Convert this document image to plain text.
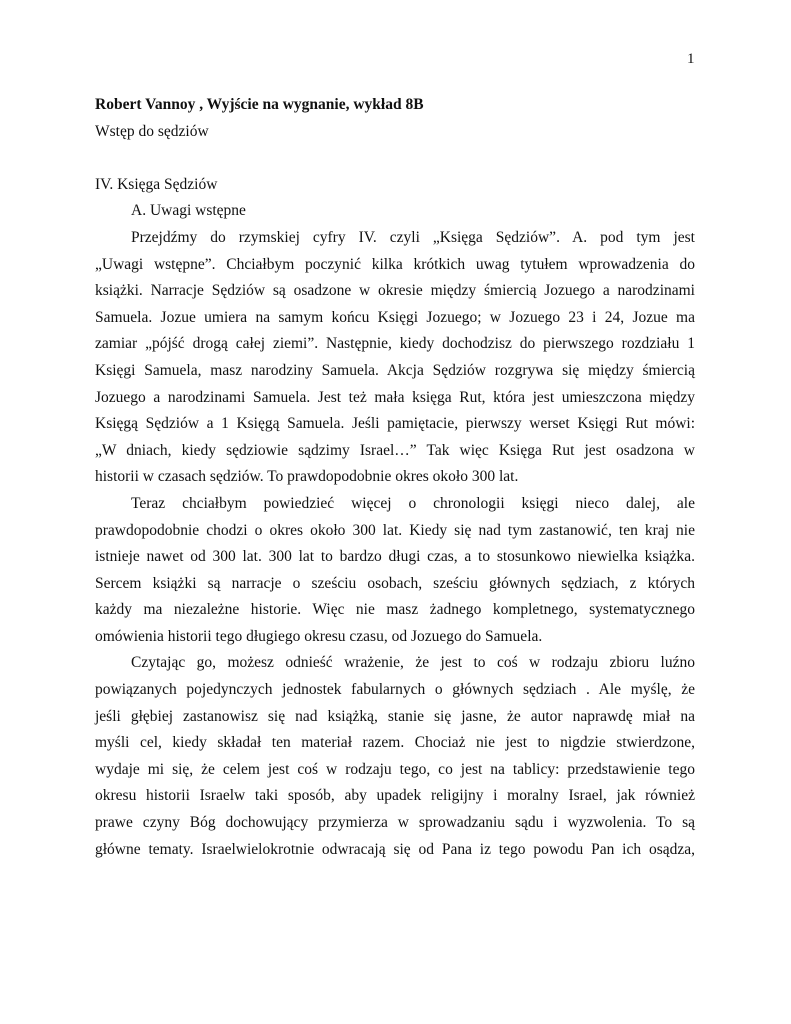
1

Robert Vannoy , Wyjście na wygnanie, wykład 8B

Wstęp do sędziów

IV. Księga Sędziów

A. Uwagi wstępne

Przejdźmy do rzymskiej cyfry IV. czyli „Księga Sędziów”. A. pod tym jest
„Uwagi wstępne”. Chciałbym poczynić kilka krótkich uwag tytułem wprowadzenia do
książki. Narracje Sędziów są osadzone w okresie między śmiercią Jozuego a narodzinami
Samuela. Jozue umiera na samym końcu Księgi Jozuego; w Jozuego 23 i 24, Jozue ma
zamiar „pójść drogą całej ziemi”. Następnie, kiedy dochodzisz do pierwszego rozdziału 1
Księgi Samuela, masz narodziny Samuela. Akcja Sędziów rozgrywa się między śmiercią
Jozuego a narodzinami Samuela. Jest też mała księga Rut, która jest umieszczona między
Księgą Sędziów a 1 Księgą Samuela. Jeśli pamiętacie, pierwszy werset Księgi Rut mówi:
„W dniach, kiedy sędziowie sądzimy Israel…” Tak więc Księga Rut jest osadzona w
historii w czasach sędziów. To prawdopodobnie okres około 300 lat.
Teraz chciałbym powiedzieć więcej o chronologii księgi nieco dalej, ale
prawdopodobnie chodzi o okres około 300 lat. Kiedy się nad tym zastanowić, ten kraj nie
istnieje nawet od 300 lat. 300 lat to bardzo długi czas, a to stosunkowo niewielka książka.
Sercem książki są narracje o sześciu osobach, sześciu głównych sędziach, z których
każdy ma niezależne historie. Więc nie masz żadnego kompletnego, systematycznego
omówienia historii tego długiego okresu czasu, od Jozuego do Samuela.
Czytając go, możesz odnieść wrażenie, że jest to coś w rodzaju zbioru luźno
powiązanych pojedynczych jednostek fabularnych o głównych sędziach . Ale myślę, że
jeśli głębiej zastanowisz się nad książką, stanie się jasne, że autor naprawdę miał na
myśli cel, kiedy składał ten materiał razem. Chociaż nie jest to nigdzie stwierdzone,
wydaje mi się, że celem jest coś w rodzaju tego, co jest na tablicy: przedstawienie tego
okresu historii Israelw taki sposób, aby upadek religijny i moralny Israel, jak również
prawe czyny Bóg dochowujący przymierza w sprowadzaniu sądu i wyzwolenia. To są
główne tematy. Israelwielokrotnie odwracają się od Pana iz tego powodu Pan ich osądza,
